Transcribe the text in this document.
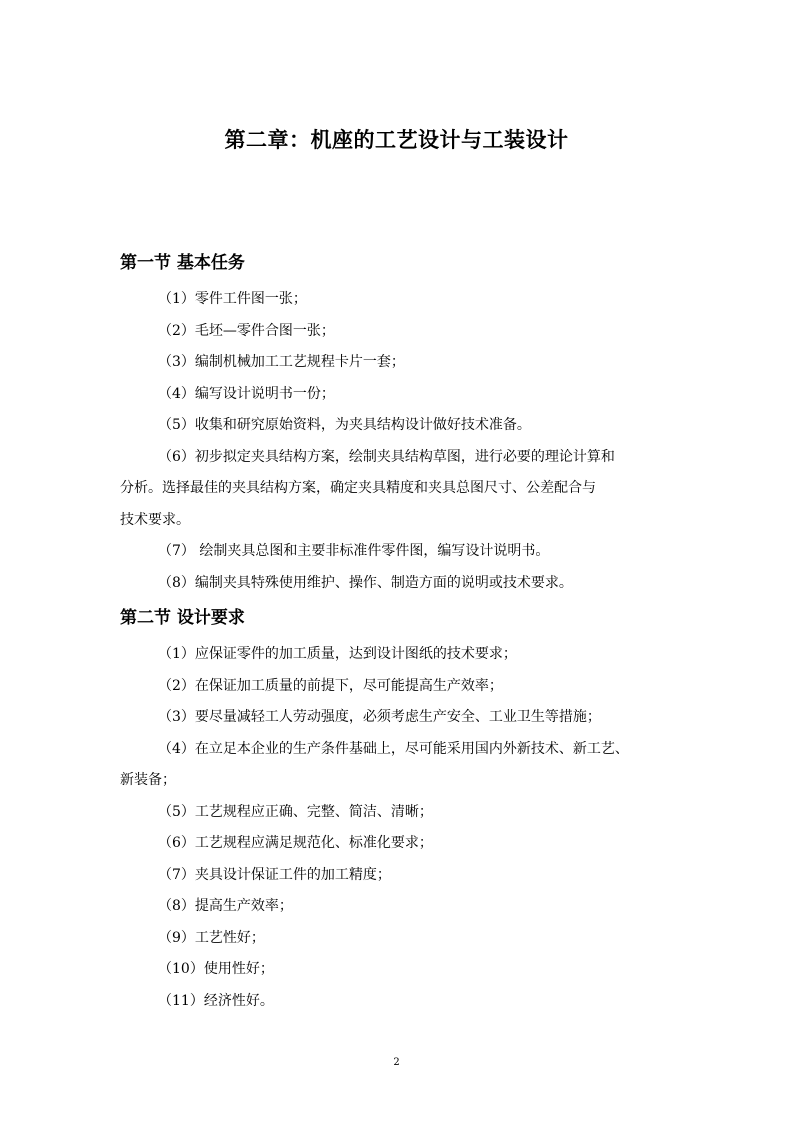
第二章：机座的工艺设计与工装设计
第一节 基本任务
（1）零件工件图一张；
（2）毛坯—零件合图一张；
（3）编制机械加工工艺规程卡片一套；
（4）编写设计说明书一份；
（5）收集和研究原始资料，为夹具结构设计做好技术准备。
（6）初步拟定夹具结构方案，绘制夹具结构草图，进行必要的理论计算和
分析。选择最佳的夹具结构方案，确定夹具精度和夹具总图尺寸、公差配合与
技术要求。
（7） 绘制夹具总图和主要非标准件零件图，编写设计说明书。
（8）编制夹具特殊使用维护、操作、制造方面的说明或技术要求。
第二节 设计要求
（1）应保证零件的加工质量，达到设计图纸的技术要求；
（2）在保证加工质量的前提下，尽可能提高生产效率；
（3）要尽量减轻工人劳动强度，必须考虑生产安全、工业卫生等措施；
（4）在立足本企业的生产条件基础上，尽可能采用国内外新技术、新工艺、
新装备；
（5）工艺规程应正确、完整、简洁、清晰；
（6）工艺规程应满足规范化、标准化要求；
（7）夹具设计保证工件的加工精度；
（8）提高生产效率；
（9）工艺性好；
（10）使用性好；
（11）经济性好。

2
